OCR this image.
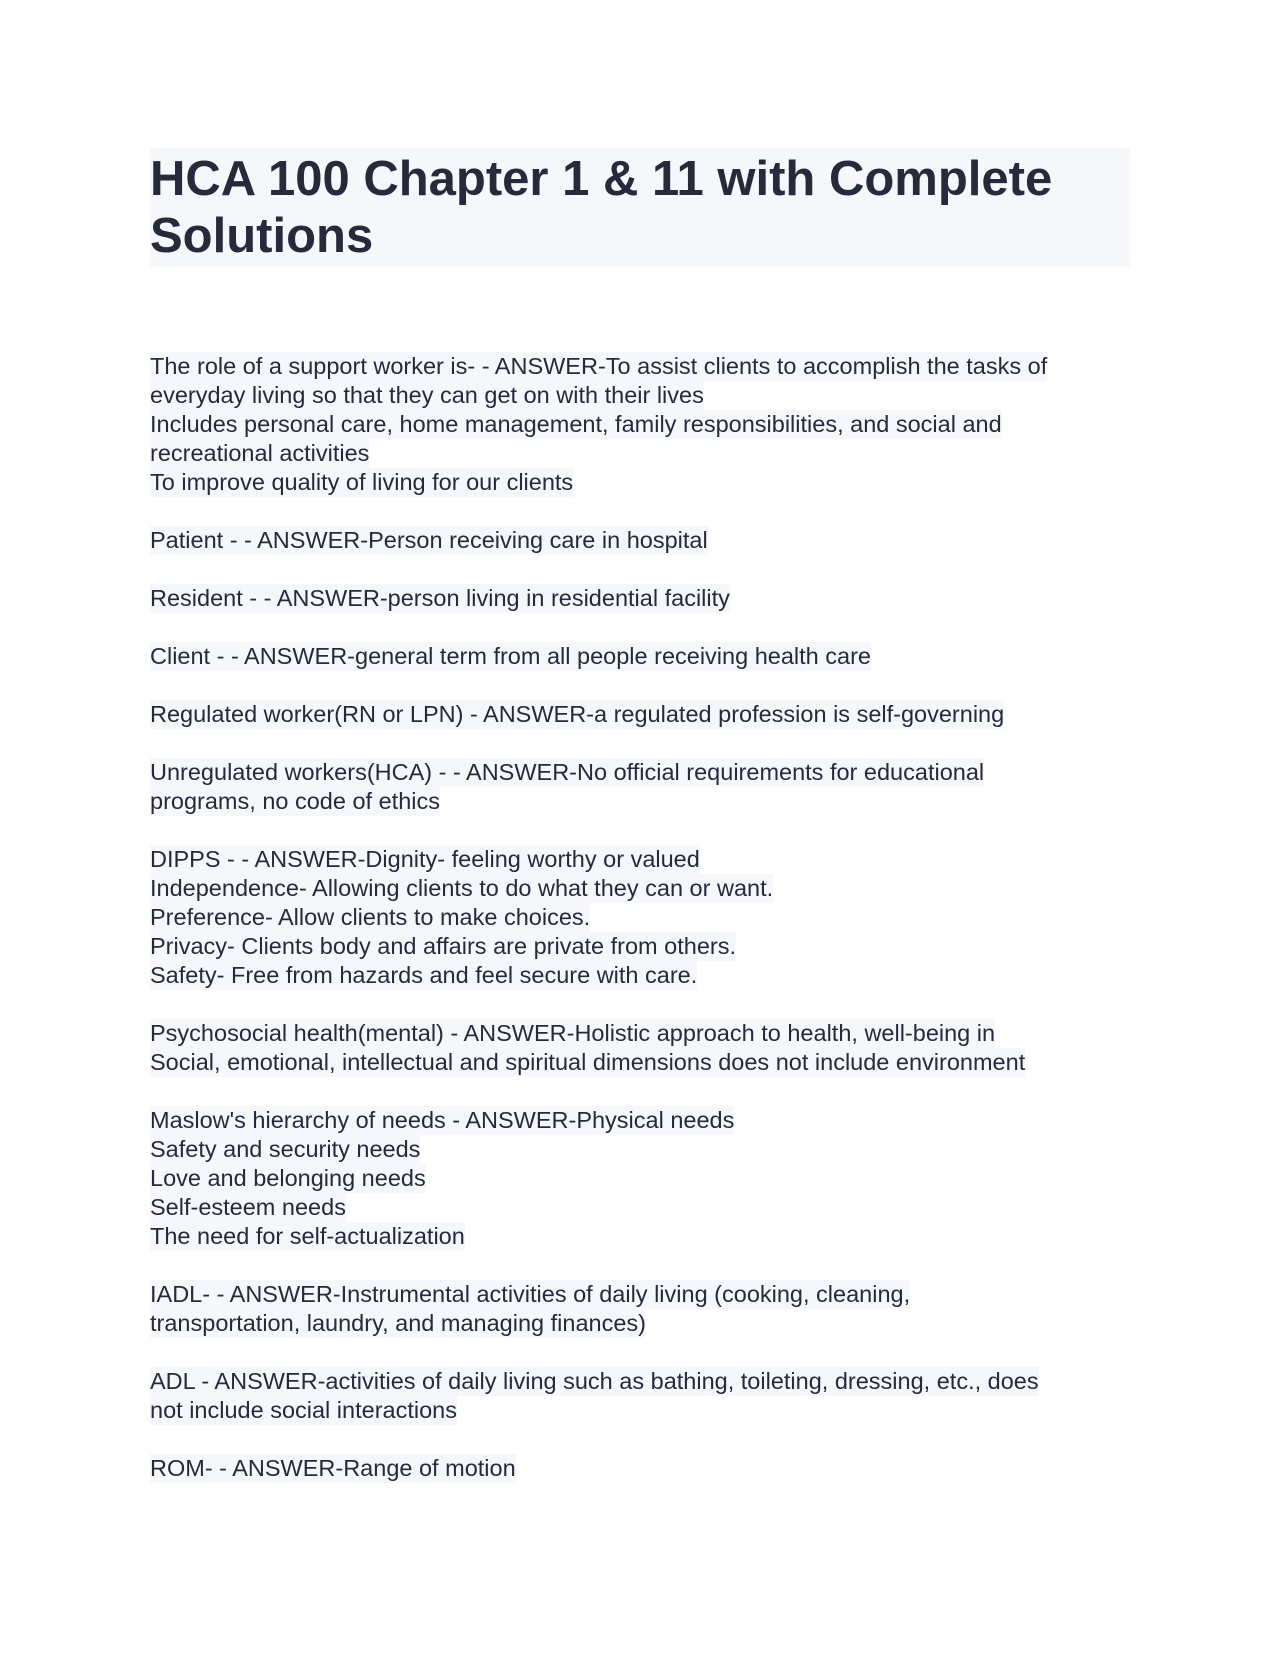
HCA 100 Chapter 1 & 11 with Complete
Solutions
The role of a support worker is- - ANSWER-To assist clients to accomplish the tasks of
everyday living so that they can get on with their lives
Includes personal care, home management, family responsibilities, and social and
recreational activities
To improve quality of living for our clients
Patient - - ANSWER-Person receiving care in hospital
Resident - - ANSWER-person living in residential facility
Client - - ANSWER-general term from all people receiving health care
Regulated worker(RN or LPN) - ANSWER-a regulated profession is self-governing
Unregulated workers(HCA) - - ANSWER-No official requirements for educational
programs, no code of ethics
DIPPS - - ANSWER-Dignity- feeling worthy or valued
Independence- Allowing clients to do what they can or want.
Preference- Allow clients to make choices.
Privacy- Clients body and affairs are private from others.
Safety- Free from hazards and feel secure with care.
Psychosocial health(mental) - ANSWER-Holistic approach to health, well-being in
Social, emotional, intellectual and spiritual dimensions does not include environment
Maslow's hierarchy of needs - ANSWER-Physical needs
Safety and security needs
Love and belonging needs
Self-esteem needs
The need for self-actualization
IADL- - ANSWER-Instrumental activities of daily living (cooking, cleaning,
transportation, laundry, and managing finances)
ADL - ANSWER-activities of daily living such as bathing, toileting, dressing, etc., does
not include social interactions
ROM- - ANSWER-Range of motion
